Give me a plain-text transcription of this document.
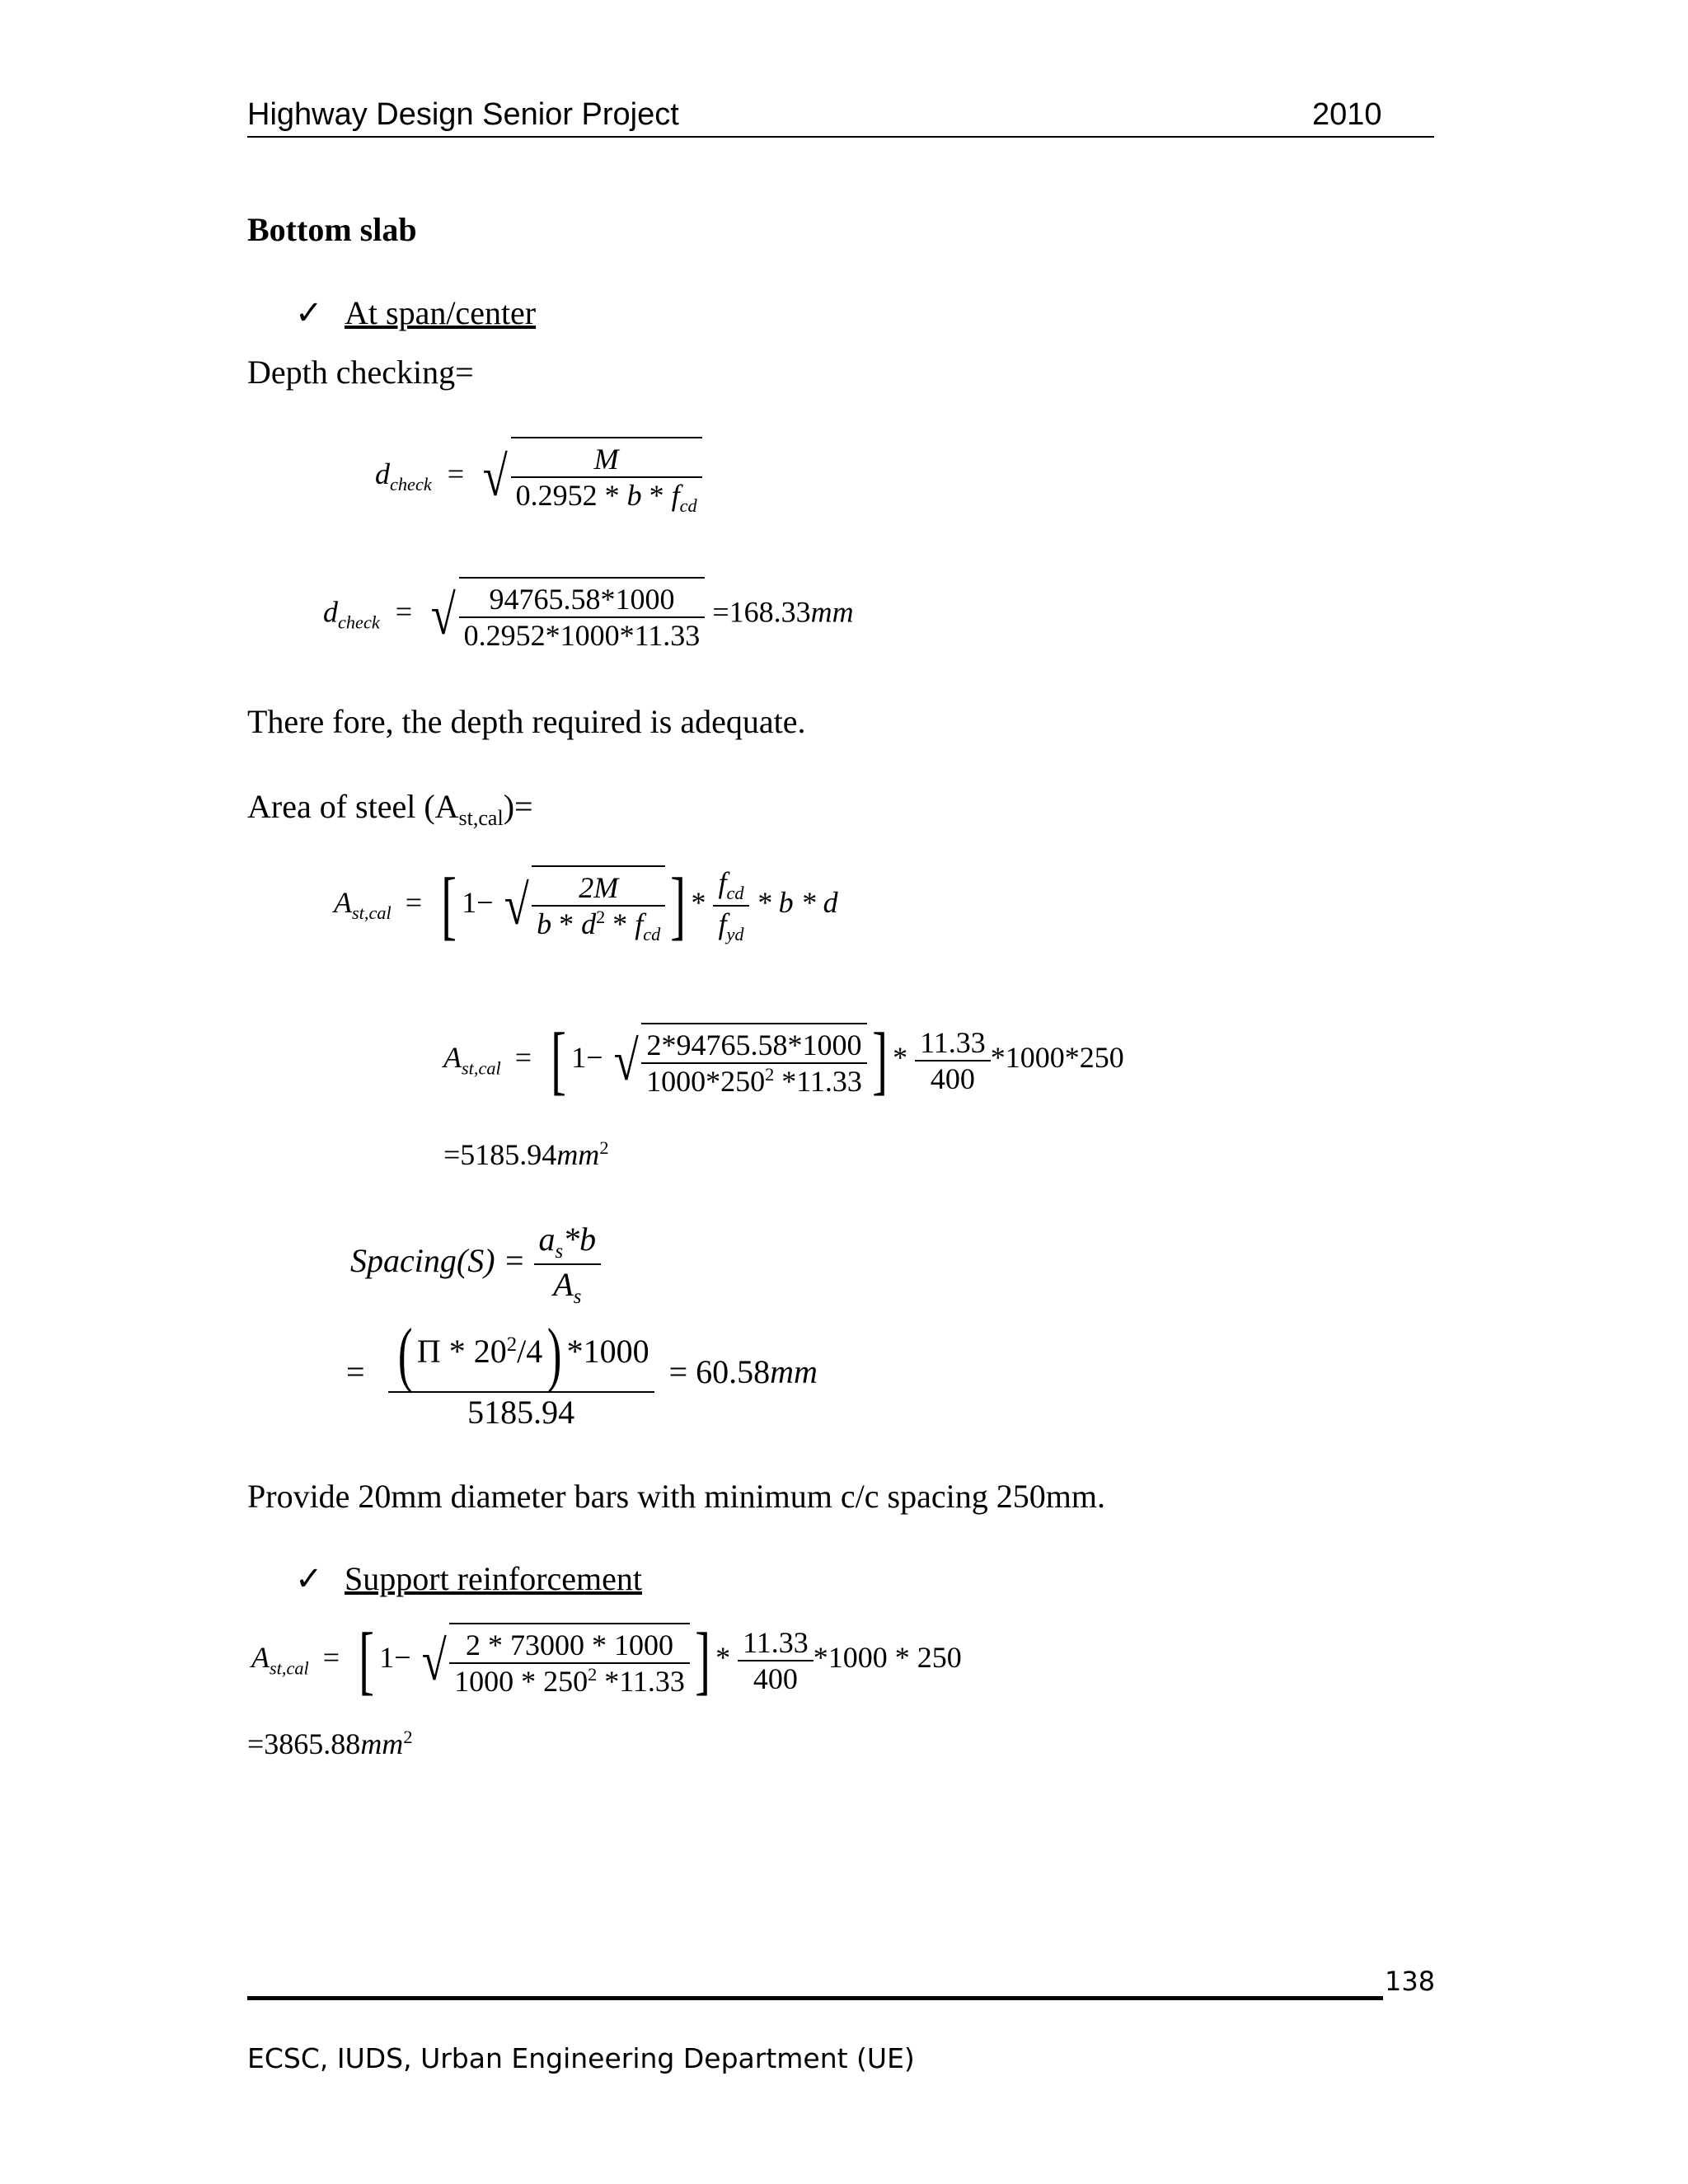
Highway Design Senior Project	2010
Bottom slab
✓ At span/center
Depth checking=
$d_{check}$ = √ $\frac{M}{0.2952 * b * f_{cd}}$
$d_{check}$ = √ $\frac{94765.58*1000}{0.2952*1000*11.33} =168.33mm$
There fore, the depth required is adequate.
Area of steel $(A_{st,cal})=$
$A_{st,cal}$ = [ 1− √ $\frac{2M}{b * d^2 * f_{cd}}$ ] * $\frac{f_{cd}}{f_{yd}}$ * b * d
$A_{st,cal}$ = [ 1− √ $\frac{2*94765.58*1000}{1000*250^2 *11.33}$ ] * $\frac{11.33}{400} *1000*250$
$=5185.94mm^2$
Spacing(S) = $\frac{a_s*b}{A_s}$
= $\frac{( \Pi * 20^2/4) *1000}{5185.94} = 60.58mm$
Provide 20mm diameter bars with minimum c/c spacing 250mm.
✓ Support reinforcement
$A_{st,cal}$ = [ 1− √ $\frac{2 * 73000 * 1000}{1000 * 250^2 *11.33}$ ] * $\frac{11.33}{400} *1000 * 250$
$=3865.88mm^2$
138
ECSC, IUDS, Urban Engineering Department (UE)
